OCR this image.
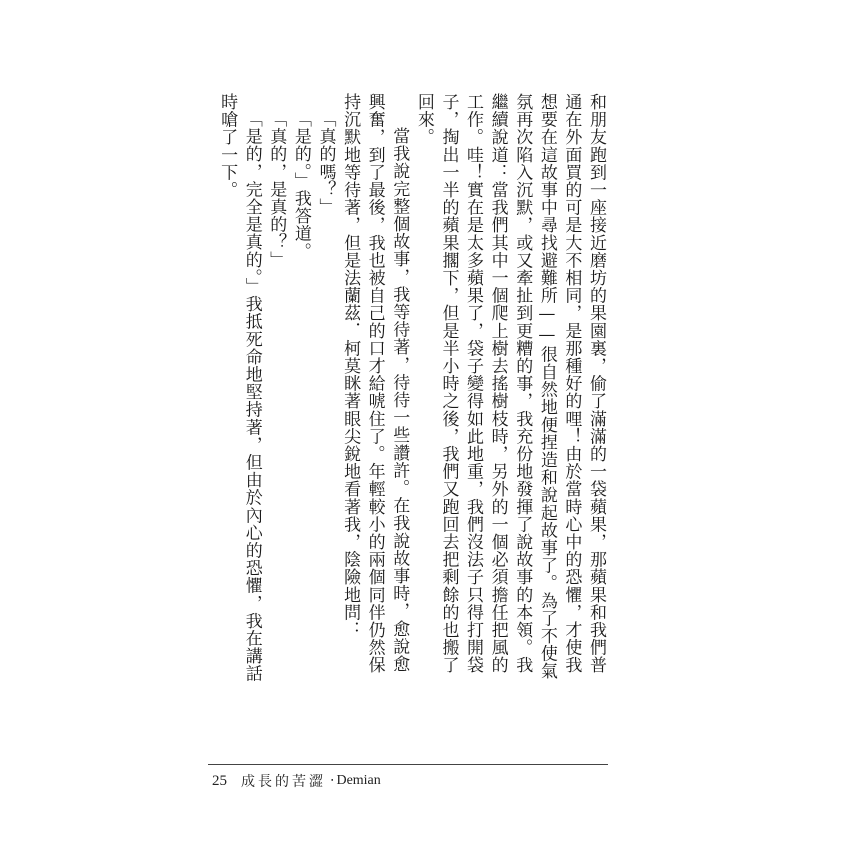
和朋友跑到一座接近磨坊的果園裏，偷了滿滿的一袋蘋果，那蘋果和我們普通在外面買的可是大不相同，是那種好的哩！由於當時心中的恐懼，才使我想要在這故事中尋找避難所——很自然地便捏造和說起故事了。為了不使氣氛再次陷入沉默，或又牽扯到更糟的事，我充份地發揮了說故事的本領。我繼續說道：當我們其中一個爬上樹去搖樹枝時，另外的一個必須擔任把風的工作。哇！實在是太多蘋果了，袋子變得如此地重，我們沒法子只得打開袋子，掏出一半的蘋果擱下，但是半小時之後，我們又跑回去把剩餘的也搬了回來。

當我說完整個故事，我等待著，待待一些讚許。在我說故事時，愈說愈興奮，到了最後，我也被自己的口才給唬住了。年輕較小的兩個同伴仍然保持沉默地等待著，但是法蘭茲．柯莫眯著眼尖銳地看著我，陰險地問：

「真的嗎？」

「是的。」我答道。

「真的，是真的？」

「是的，完全是真的。」我抵死命地堅持著，但由於內心的恐懼，我在講話時嗆了一下。

25 成長的苦澀 ‧ Demian
